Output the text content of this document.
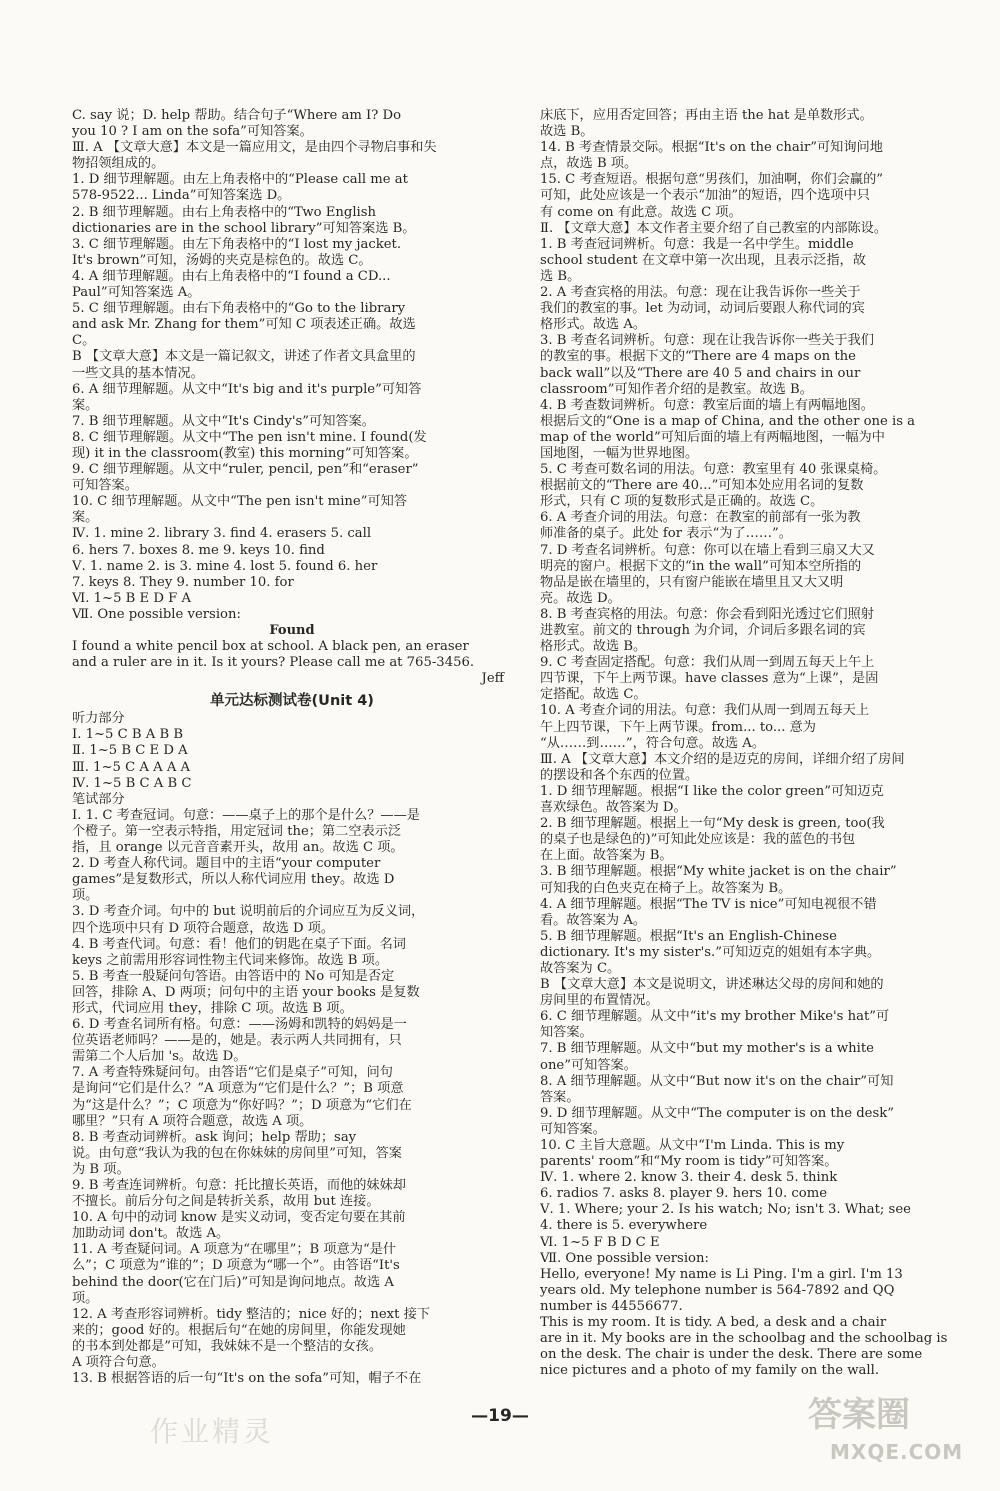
C. say 说；D. help 帮助。结合句子“Where am I? Do
you 10 ? I am on the sofa”可知答案。
Ⅲ. A 【文章大意】本文是一篇应用文，是由四个寻物启事和失
物招领组成的。
1. D 细节理解题。由左上角表格中的“Please call me at
578-9522... Linda”可知答案选 D。
2. B 细节理解题。由右上角表格中的“Two English
dictionaries are in the school library”可知答案选 B。
3. C 细节理解题。由左下角表格中的“I lost my jacket.
It's brown”可知，汤姆的夹克是棕色的。故选 C。
4. A 细节理解题。由右上角表格中的“I found a CD...
Paul”可知答案选 A。
5. C 细节理解题。由右下角表格中的“Go to the library
and ask Mr. Zhang for them”可知 C 项表述正确。故选
C。
B 【文章大意】本文是一篇记叙文，讲述了作者文具盒里的
一些文具的基本情况。
6. A 细节理解题。从文中“It's big and it's purple”可知答
案。
7. B 细节理解题。从文中“It's Cindy's”可知答案。
8. C 细节理解题。从文中“The pen isn't mine. I found(发
现) it in the classroom(教室) this morning”可知答案。
9. C 细节理解题。从文中“ruler, pencil, pen”和“eraser”
可知答案。
10. C 细节理解题。从文中“The pen isn't mine”可知答
案。
Ⅳ. 1. mine 2. library 3. find 4. erasers 5. call
6. hers 7. boxes 8. me 9. keys 10. find
Ⅴ. 1. name 2. is 3. mine 4. lost 5. found 6. her
7. keys 8. They 9. number 10. for
Ⅵ. 1~5 B E D F A
Ⅶ. One possible version:
Found
I found a white pencil box at school. A black pen, an eraser
and a ruler are in it. Is it yours? Please call me at 765-3456.
Jeff
单元达标测试卷(Unit 4)
听力部分
Ⅰ. 1~5 C B A B B
Ⅱ. 1~5 B C E D A
Ⅲ. 1~5 C A A A A
Ⅳ. 1~5 B C A B C
笔试部分
Ⅰ. 1. C 考查冠词。句意：——桌子上的那个是什么？——是
个橙子。第一空表示特指，用定冠词 the；第二空表示泛
指，且 orange 以元音音素开头，故用 an。故选 C 项。
2. D 考查人称代词。题目中的主语“your computer
games”是复数形式，所以人称代词应用 they。故选 D
项。
3. D 考查介词。句中的 but 说明前后的介词应互为反义词，
四个选项中只有 D 项符合题意，故选 D 项。
4. B 考查代词。句意：看！他们的钥匙在桌子下面。名词
keys 之前需用形容词性物主代词来修饰。故选 B 项。
5. B 考查一般疑问句答语。由答语中的 No 可知是否定
回答，排除 A、D 两项；问句中的主语 your books 是复数
形式，代词应用 they，排除 C 项。故选 B 项。
6. D 考查名词所有格。句意：——汤姆和凯特的妈妈是一
位英语老师吗？——是的，她是。表示两人共同拥有，只
需第二个人后加 's。故选 D。
7. A 考查特殊疑问句。由答语“它们是桌子”可知，问句
是询问“它们是什么？”A 项意为“它们是什么？”；B 项意
为“这是什么？”；C 项意为“你好吗？”；D 项意为“它们在
哪里？”只有 A 项符合题意，故选 A 项。
8. B 考查动词辨析。ask 询问；help 帮助；say
说。由句意“我认为我的包在你妹妹的房间里”可知，答案
为 B 项。
9. B 考查连词辨析。句意：托比擅长英语，而他的妹妹却
不擅长。前后分句之间是转折关系，故用 but 连接。
10. A 句中的动词 know 是实义动词，变否定句要在其前
加助动词 don't。故选 A。
11. A 考查疑问词。A 项意为“在哪里”；B 项意为“是什
么”；C 项意为“谁的”；D 项意为“哪一个”。由答语“It's
behind the door(它在门后)”可知是询问地点。故选 A
项。
12. A 考查形容词辨析。tidy 整洁的；nice 好的；next 接下
来的；good 好的。根据后句“在她的房间里，你能发现她
的书本到处都是”可知，我妹妹不是一个整洁的女孩。
A 项符合句意。
13. B 根据答语的后一句“It's on the sofa”可知，帽子不在
床底下，应用否定回答；再由主语 the hat 是单数形式。
故选 B。
14. B 考查情景交际。根据“It's on the chair”可知询问地
点，故选 B 项。
15. C 考查短语。根据句意“男孩们，加油啊，你们会赢的”
可知，此处应该是一个表示“加油”的短语，四个选项中只
有 come on 有此意。故选 C 项。
Ⅱ. 【文章大意】本文作者主要介绍了自己教室的内部陈设。
1. B 考查冠词辨析。句意：我是一名中学生。middle
school student 在文章中第一次出现，且表示泛指，故
选 B。
2. A 考查宾格的用法。句意：现在让我告诉你一些关于
我们的教室的事。let 为动词，动词后要跟人称代词的宾
格形式。故选 A。
3. B 考查名词辨析。句意：现在让我告诉你一些关于我们
的教室的事。根据下文的“There are 4 maps on the
back wall”以及“There are 40 5 and chairs in our
classroom”可知作者介绍的是教室。故选 B。
4. B 考查数词辨析。句意：教室后面的墙上有两幅地图。
根据后文的“One is a map of China, and the other one is a
map of the world”可知后面的墙上有两幅地图，一幅为中
国地图，一幅为世界地图。
5. C 考查可数名词的用法。句意：教室里有 40 张课桌椅。
根据前文的“There are 40...”可知本处应用名词的复数
形式，只有 C 项的复数形式是正确的。故选 C。
6. A 考查介词的用法。句意：在教室的前部有一张为教
师准备的桌子。此处 for 表示“为了……”。
7. D 考查名词辨析。句意：你可以在墙上看到三扇又大又
明亮的窗户。根据下文的“in the wall”可知本空所指的
物品是嵌在墙里的，只有窗户能嵌在墙里且又大又明
亮。故选 D。
8. B 考查宾格的用法。句意：你会看到阳光透过它们照射
进教室。前文的 through 为介词，介词后多跟名词的宾
格形式。故选 B。
9. C 考查固定搭配。句意：我们从周一到周五每天上午上
四节课，下午上两节课。have classes 意为“上课”，是固
定搭配。故选 C。
10. A 考查介词的用法。句意：我们从周一到周五每天上
午上四节课，下午上两节课。from... to... 意为
“从……到……”，符合句意。故选 A。
Ⅲ. A 【文章大意】本文介绍的是迈克的房间，详细介绍了房间
的摆设和各个东西的位置。
1. D 细节理解题。根据“I like the color green”可知迈克
喜欢绿色。故答案为 D。
2. B 细节理解题。根据上一句“My desk is green, too(我
的桌子也是绿色的)”可知此处应该是：我的蓝色的书包
在上面。故答案为 B。
3. B 细节理解题。根据“My white jacket is on the chair”
可知我的白色夹克在椅子上。故答案为 B。
4. A 细节理解题。根据“The TV is nice”可知电视很不错
看。故答案为 A。
5. B 细节理解题。根据“It's an English-Chinese
dictionary. It's my sister's.”可知迈克的姐姐有本字典。
故答案为 C。
B 【文章大意】本文是说明文，讲述琳达父母的房间和她的
房间里的布置情况。
6. C 细节理解题。从文中“it's my brother Mike's hat”可
知答案。
7. B 细节理解题。从文中“but my mother's is a white
one”可知答案。
8. A 细节理解题。从文中“But now it's on the chair”可知
答案。
9. D 细节理解题。从文中“The computer is on the desk”
可知答案。
10. C 主旨大意题。从文中“I'm Linda. This is my
parents' room”和“My room is tidy”可知答案。
Ⅳ. 1. where 2. know 3. their 4. desk 5. think
6. radios 7. asks 8. player 9. hers 10. come
Ⅴ. 1. Where; your 2. Is his watch; No; isn't 3. What; see
4. there is 5. everywhere
Ⅵ. 1~5 F B D C E
Ⅶ. One possible version:
Hello, everyone! My name is Li Ping. I'm a girl. I'm 13
years old. My telephone number is 564-7892 and QQ
number is 44556677.
This is my room. It is tidy. A bed, a desk and a chair
are in it. My books are in the schoolbag and the schoolbag is
on the desk. The chair is under the desk. There are some
nice pictures and a photo of my family on the wall.
—19—
作业精灵	答案圈
MXQE.COM
